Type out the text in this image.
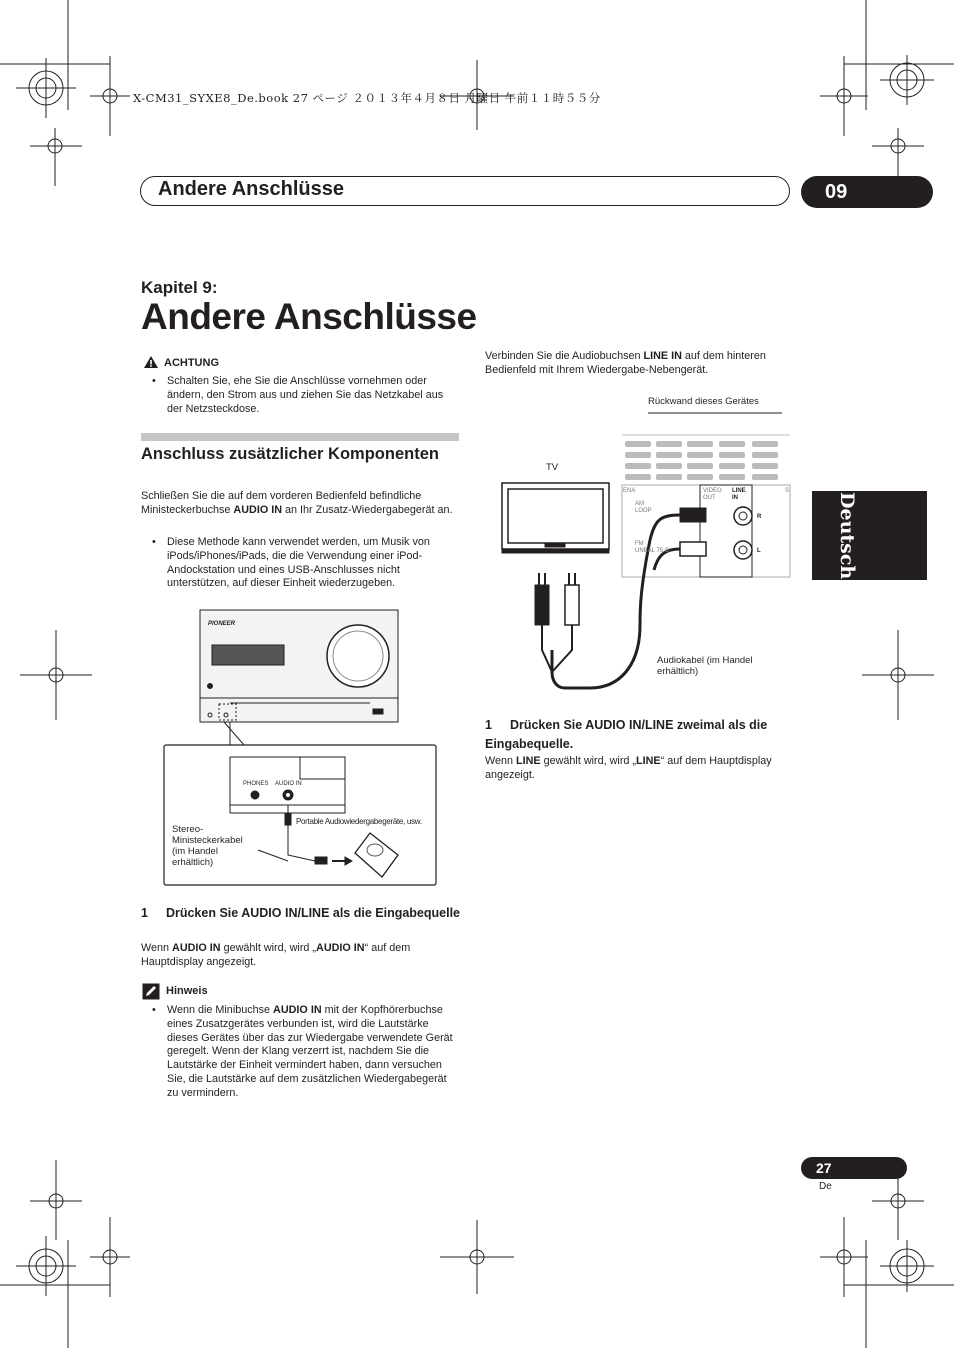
X-CM31_SYXE8_De.book 27 ページ ２０１３年４月８日 月曜日 午前１１時５５分
Andere Anschlüsse	09
Deutsch
Kapitel 9:
Andere Anschlüsse
ACHTUNG
• Schalten Sie, ehe Sie die Anschlüsse vornehmen oder ändern, den Strom aus und ziehen Sie das Netzkabel aus der Netzsteckdose.
Anschluss zusätzlicher Komponenten
Schließen Sie die auf dem vorderen Bedienfeld befindliche Ministeckerbuchse AUDIO IN an Ihr Zusatz-Wiedergabegerät an.
• Diese Methode kann verwendet werden, um Musik von iPods/iPhones/iPads, die die Verwendung einer iPod-Andockstation und eines USB-Anschlusses nicht unterstützen, auf dieser Einheit wiederzugeben.
PIONEER
PHONES AUDIO IN
Portable Audiowiedergabegeräte, usw.
Stereo-
Ministeckerkabel
(im Handel
erhältlich)
1 Drücken Sie AUDIO IN/LINE als die Eingabequelle
Wenn AUDIO IN gewählt wird, wird „AUDIO IN“ auf dem Hauptdisplay angezeigt.
Hinweis
• Wenn die Minibuchse AUDIO IN mit der Kopfhörerbuchse eines Zusatzgerätes verbunden ist, wird die Lautstärke dieses Gerätes über das zur Wiedergabe verwendete Gerät geregelt. Wenn der Klang verzerrt ist, nachdem Sie die Lautstärke der Einheit vermindert haben, dann versuchen Sie, die Lautstärke auf dem zusätzlichen Wiedergabegerät zu vermindern.
Verbinden Sie die Audiobuchsen LINE IN auf dem hinteren Bedienfeld mit Ihrem Wiedergabe-Nebengerät.
Rückwand dieses Gerätes
TV
ENA
AM LOOP
FM UNBAL 75 Ω
VIDEO
OUT
S
LINE
IN
R
L
Audiokabel (im Handel
erhältlich)
1 Drücken Sie AUDIO IN/LINE zweimal als die Eingabequelle.
Wenn LINE gewählt wird, wird „LINE“ auf dem Hauptdisplay angezeigt.
27
De
